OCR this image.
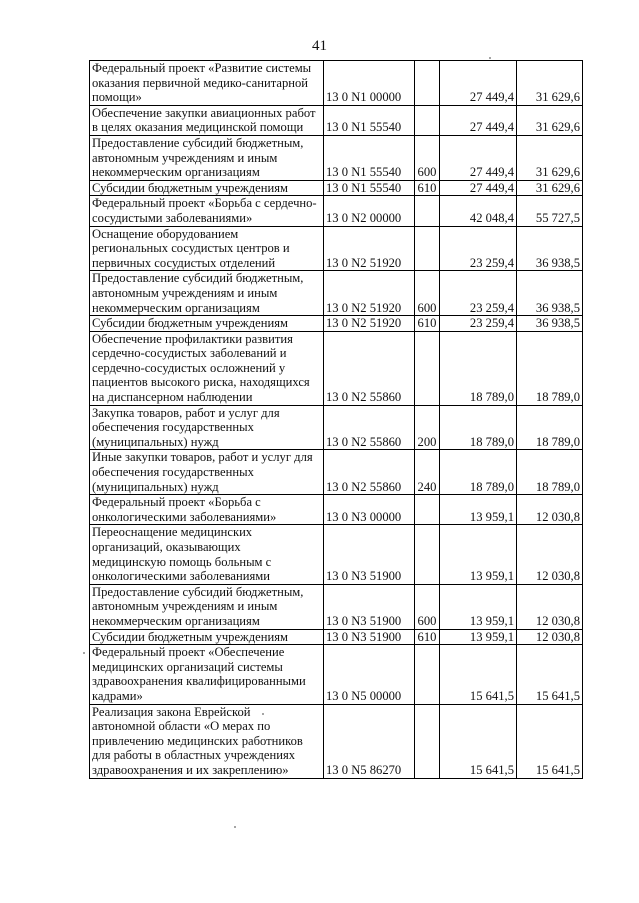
41
Федеральный проект «Развитие системы
оказания первичной медико-санитарной
помощи»	13 0 N1 00000		27 449,4	31 629,6
Обеспечение закупки авиационных работ
в целях оказания медицинской помощи	13 0 N1 55540		27 449,4	31 629,6
Предоставление субсидий бюджетным,
автономным учреждениям и иным
некоммерческим организациям	13 0 N1 55540	600	27 449,4	31 629,6
Субсидии бюджетным учреждениям	13 0 N1 55540	610	27 449,4	31 629,6
Федеральный проект «Борьба с сердечно-
сосудистыми заболеваниями»	13 0 N2 00000		42 048,4	55 727,5
Оснащение оборудованием
региональных сосудистых центров и
первичных сосудистых отделений	13 0 N2 51920		23 259,4	36 938,5
Предоставление субсидий бюджетным,
автономным учреждениям и иным
некоммерческим организациям	13 0 N2 51920	600	23 259,4	36 938,5
Субсидии бюджетным учреждениям	13 0 N2 51920	610	23 259,4	36 938,5
Обеспечение профилактики развития
сердечно-сосудистых заболеваний и
сердечно-сосудистых осложнений у
пациентов высокого риска, находящихся
на диспансерном наблюдении	13 0 N2 55860		18 789,0	18 789,0
Закупка товаров, работ и услуг для
обеспечения государственных
(муниципальных) нужд	13 0 N2 55860	200	18 789,0	18 789,0
Иные закупки товаров, работ и услуг для
обеспечения государственных
(муниципальных) нужд	13 0 N2 55860	240	18 789,0	18 789,0
Федеральный проект «Борьба с
онкологическими заболеваниями»	13 0 N3 00000		13 959,1	12 030,8
Переоснащение медицинских
организаций, оказывающих
медицинскую помощь больным с
онкологическими заболеваниями	13 0 N3 51900		13 959,1	12 030,8
Предоставление субсидий бюджетным,
автономным учреждениям и иным
некоммерческим организациям	13 0 N3 51900	600	13 959,1	12 030,8
Субсидии бюджетным учреждениям	13 0 N3 51900	610	13 959,1	12 030,8
Федеральный проект «Обеспечение
медицинских организаций системы
здравоохранения квалифицированными
кадрами»	13 0 N5 00000		15 641,5	15 641,5
Реализация закона Еврейской
автономной области «О мерах по
привлечению медицинских работников
для работы в областных учреждениях
здравоохранения и их закреплению»	13 0 N5 86270		15 641,5	15 641,5
